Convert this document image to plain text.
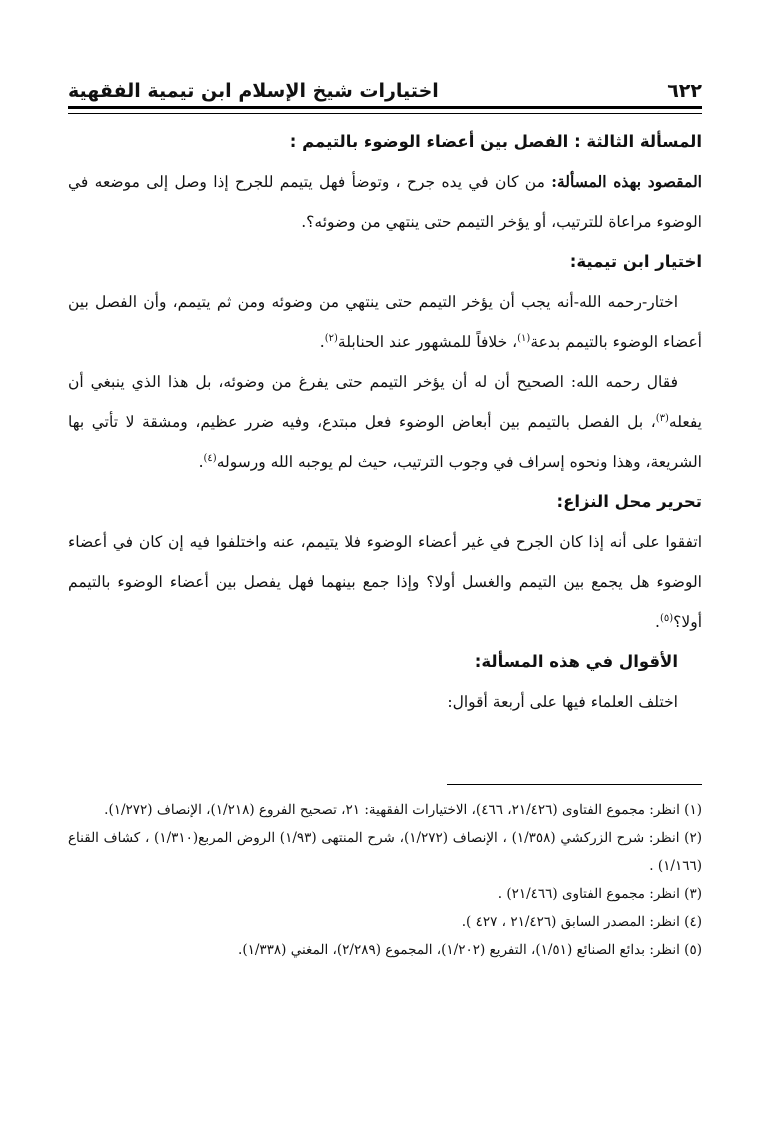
٦٢٢
اختيارات شيخ الإسلام ابن تيمية الفقهية

المسألة الثالثة : الفصل بين أعضاء الوضوء بالتيمم :

المقصود بهذه المسألة: من كان في يده جرح ، وتوضأ فهل يتيمم للجرح إذا وصل إلى موضعه في الوضوء مراعاة للترتيب، أو يؤخر التيمم حتى ينتهي من وضوئه؟.

اختيار ابن تيمية:

اختار-رحمه الله-أنه يجب أن يؤخر التيمم حتى ينتهي من وضوئه ومن ثم يتيمم، وأن الفصل بين أعضاء الوضوء بالتيمم بدعة$^{(١)}$، خلافاً للمشهور عند الحنابلة$^{(٢)}$.

فقال رحمه الله: الصحيح أن له أن يؤخر التيمم حتى يفرغ من وضوئه، بل هذا الذي ينبغي أن يفعله$^{(٣)}$، بل الفصل بالتيمم بين أبعاض الوضوء فعل مبتدع، وفيه ضرر عظيم، ومشقة لا تأتي بها الشريعة، وهذا ونحوه إسراف في وجوب الترتيب، حيث لم يوجبه الله ورسوله$^{(٤)}$.

تحرير محل النزاع:

اتفقوا على أنه إذا كان الجرح في غير أعضاء الوضوء فلا يتيمم، عنه واختلفوا فيه إن كان في أعضاء الوضوء هل يجمع بين التيمم والغسل أولا؟ وإذا جمع بينهما فهل يفصل بين أعضاء الوضوء بالتيمم أولا؟$^{(٥)}$.

الأقوال في هذه المسألة:

اختلف العلماء فيها على أربعة أقوال:

(١) انظر: مجموع الفتاوى (٢١/٤٢٦، ٤٦٦)، الاختيارات الفقهية: ٢١، تصحيح الفروع (١/٢١٨)، الإنصاف (١/٢٧٢).

(٢) انظر: شرح الزركشي (١/٣٥٨) ، الإنصاف (١/٢٧٢)، شرح المنتهى (١/٩٣) الروض المربع(١/٣١٠) ، كشاف القناع (١/١٦٦) .

(٣) انظر: مجموع الفتاوى (٢١/٤٦٦) .

(٤) انظر: المصدر السابق (٢١/٤٢٦ ، ٤٢٧ ).

(٥) انظر: بدائع الصنائع (١/٥١)، التفريع (١/٢٠٢)، المجموع (٢/٢٨٩)، المغني (١/٣٣٨).
